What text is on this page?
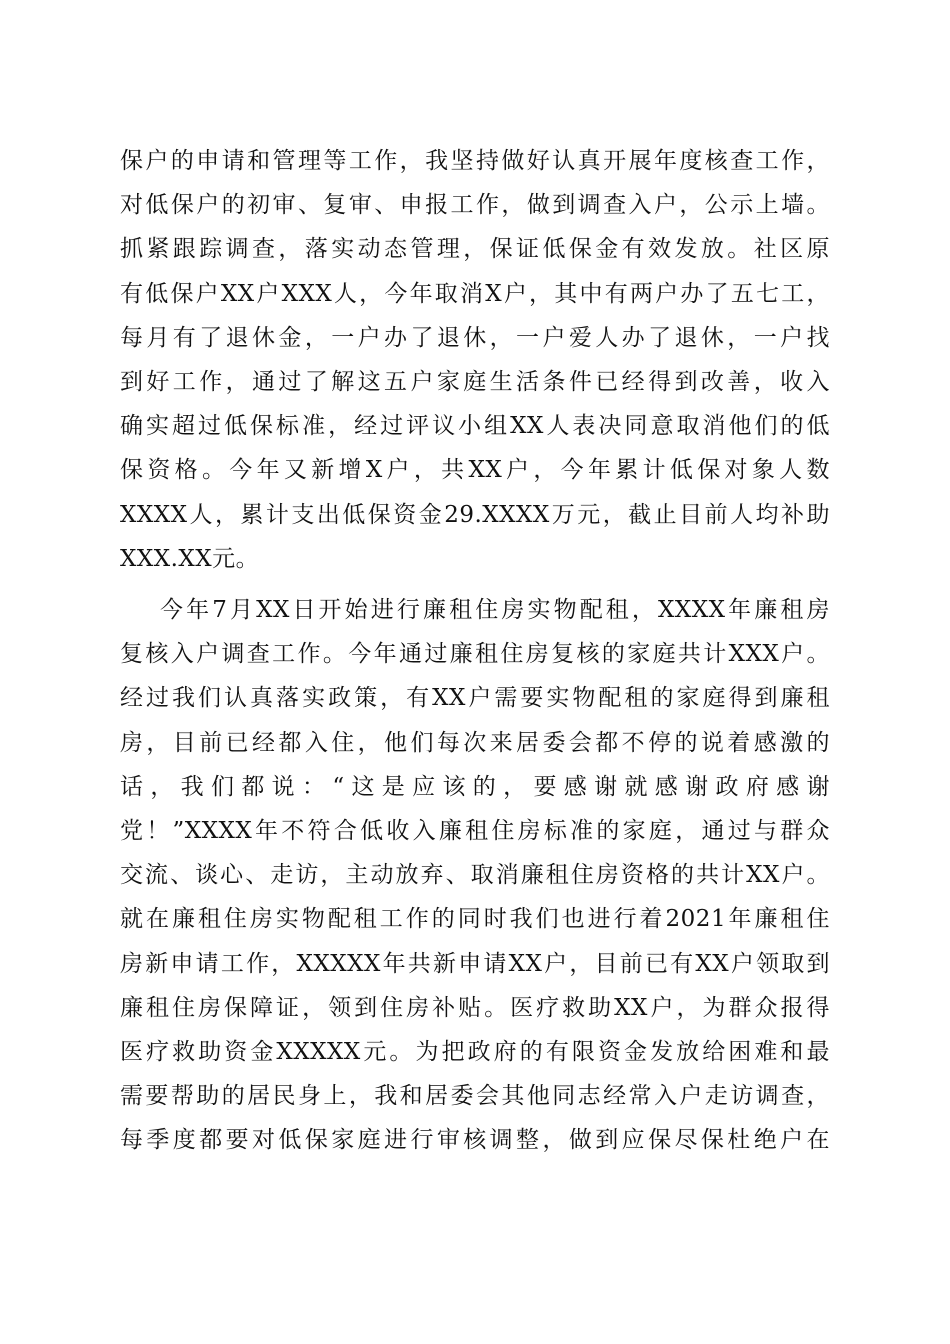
保户的申请和管理等工作，我坚持做好认真开展年度核查工作，
对低保户的初审、复审、申报工作，做到调查入户，公示上墙。
抓紧跟踪调查，落实动态管理，保证低保金有效发放。社区原
有低保户XX户XXX人，今年取消X户，其中有两户办了五七工，
每月有了退休金，一户办了退休，一户爱人办了退休，一户找
到好工作，通过了解这五户家庭生活条件已经得到改善，收入
确实超过低保标准，经过评议小组XX人表决同意取消他们的低
保资格。今年又新增X户，共XX户，今年累计低保对象人数
XXXX人，累计支出低保资金29.XXXX万元，截止目前人均补助
XXX.XX元。
今年7月XX日开始进行廉租住房实物配租，XXXX年廉租房
复核入户调查工作。今年通过廉租住房复核的家庭共计XXX户。
经过我们认真落实政策，有XX户需要实物配租的家庭得到廉租
房，目前已经都入住，他们每次来居委会都不停的说着感激的
话，我们都说：“这是应该的，要感谢就感谢政府感谢
党！”XXXX年不符合低收入廉租住房标准的家庭，通过与群众
交流、谈心、走访，主动放弃、取消廉租住房资格的共计XX户。
就在廉租住房实物配租工作的同时我们也进行着2021年廉租住
房新申请工作，XXXXX年共新申请XX户，目前已有XX户领取到
廉租住房保障证，领到住房补贴。医疗救助XX户，为群众报得
医疗救助资金XXXXX元。为把政府的有限资金发放给困难和最
需要帮助的居民身上，我和居委会其他同志经常入户走访调查，
每季度都要对低保家庭进行审核调整，做到应保尽保杜绝户在
